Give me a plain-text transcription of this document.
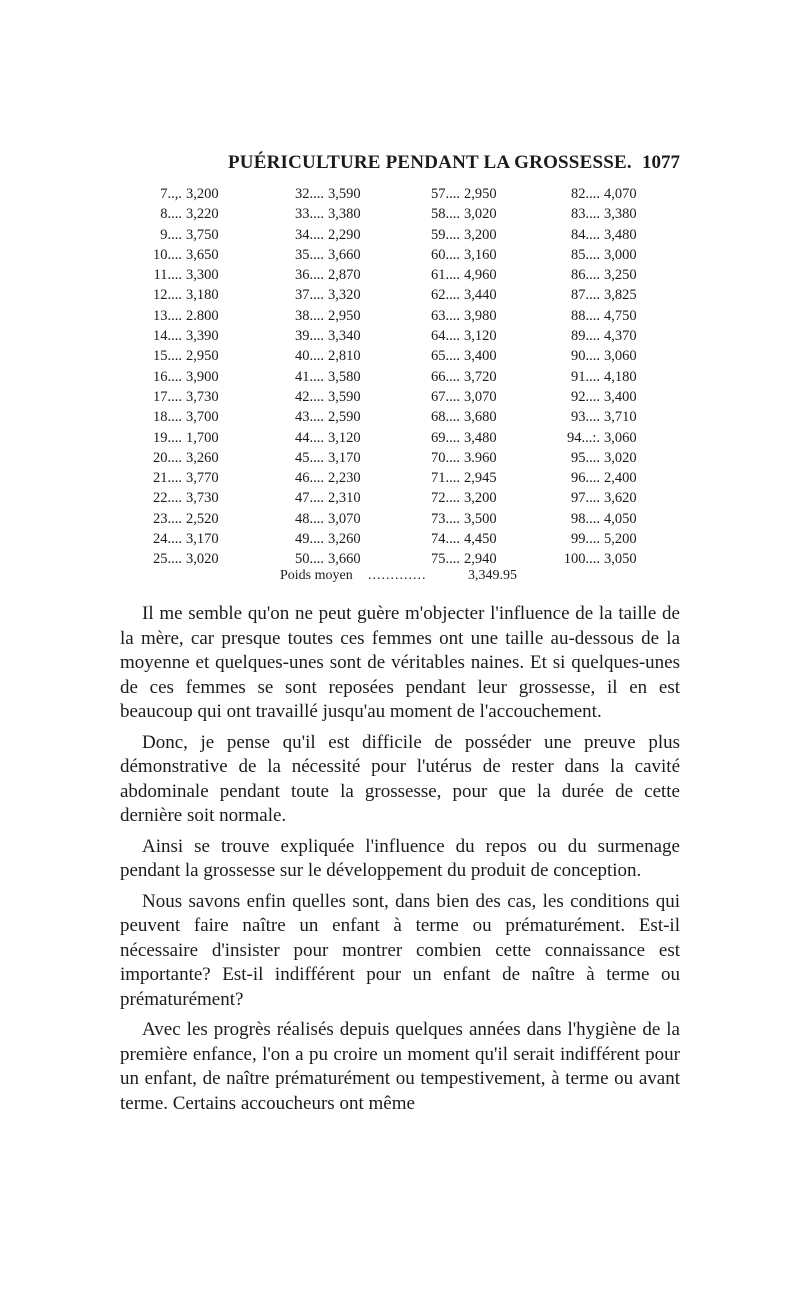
PUÉRICULTURE PENDANT LA GROSSESSE. 1077
7..,. 3,200
8.... 3,220
9.... 3,750
10.... 3,650
11.... 3,300
12.... 3,180
13.... 2.800
14.... 3,390
15.... 2,950
16.... 3,900
17.... 3,730
18.... 3,700
19.... 1,700
20.... 3,260
21.... 3,770
22.... 3,730
23.... 2,520
24.... 3,170
25.... 3,020
32.... 3,590
33.... 3,380
34.... 2,290
35.... 3,660
36.... 2,870
37.... 3,320
38.... 2,950
39.... 3,340
40.... 2,810
41.... 3,580
42.... 3,590
43.... 2,590
44.... 3,120
45.... 3,170
46.... 2,230
47.... 2,310
48.... 3,070
49.... 3,260
50.... 3,660
57.... 2,950
58.... 3,020
59.... 3,200
60.... 3,160
61.... 4,960
62.... 3,440
63.... 3,980
64.... 3,120
65.... 3,400
66.... 3,720
67.... 3,070
68.... 3,680
69.... 3,480
70.... 3.960
71.... 2,945
72.... 3,200
73.... 3,500
74.... 4,450
75.... 2,940
82.... 4,070
83.... 3,380
84.... 3,480
85.... 3,000
86.... 3,250
87.... 3,825
88.... 4,750
89.... 4,370
90.... 3,060
91.... 4,180
92.... 3,400
93.... 3,710
94...:. 3,060
95.... 3,020
96.... 2,400
97.... 3,620
98.... 4,050
99.... 5,200
100.... 3,050
Poids moyen .............	3,349.95

Il me semble qu'on ne peut guère m'objecter l'influence de la taille de la mère, car presque toutes ces femmes ont une taille au-dessous de la moyenne et quelques-unes sont de véritables naines. Et si quelques-unes de ces femmes se sont reposées pendant leur grossesse, il en est beaucoup qui ont travaillé jusqu'au moment de l'accouchement.

Donc, je pense qu'il est difficile de posséder une preuve plus démonstrative de la nécessité pour l'utérus de rester dans la cavité abdominale pendant toute la grossesse, pour que la durée de cette dernière soit normale.

Ainsi se trouve expliquée l'influence du repos ou du surmenage pendant la grossesse sur le développement du produit de conception.

Nous savons enfin quelles sont, dans bien des cas, les conditions qui peuvent faire naître un enfant à terme ou prématurément. Est-il nécessaire d'insister pour montrer combien cette connaissance est importante? Est-il indifférent pour un enfant de naître à terme ou prématurément?

Avec les progrès réalisés depuis quelques années dans l'hygiène de la première enfance, l'on a pu croire un moment qu'il serait indifférent pour un enfant, de naître prématurément ou tempestivement, à terme ou avant terme. Certains accoucheurs ont même
